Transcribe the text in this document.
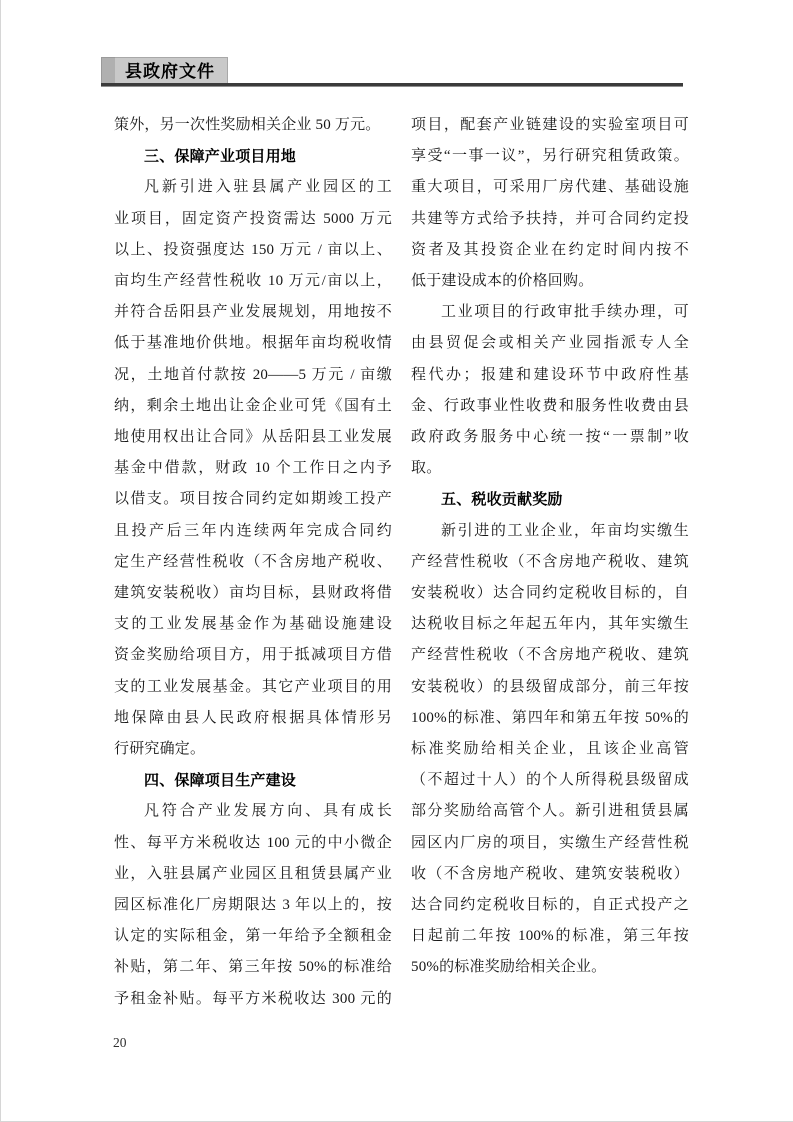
县政府文件
策外，另一次性奖励相关企业 50 万元。
三、保障产业项目用地
凡新引进入驻县属产业园区的工
业项目，固定资产投资需达 5000 万元
以上、投资强度达 150 万元 / 亩以上、
亩均生产经营性税收 10 万元/亩以上，
并符合岳阳县产业发展规划，用地按不
低于基准地价供地。根据年亩均税收情
况，土地首付款按 20——5 万元 / 亩缴
纳，剩余土地出让金企业可凭《国有土
地使用权出让合同》从岳阳县工业发展
基金中借款，财政 10 个工作日之内予
以借支。项目按合同约定如期竣工投产
且投产后三年内连续两年完成合同约
定生产经营性税收（不含房地产税收、
建筑安装税收）亩均目标，县财政将借
支的工业发展基金作为基础设施建设
资金奖励给项目方，用于抵减项目方借
支的工业发展基金。其它产业项目的用
地保障由县人民政府根据具体情形另
行研究确定。
四、保障项目生产建设
凡符合产业发展方向、具有成长
性、每平方米税收达 100 元的中小微企
业，入驻县属产业园区且租赁县属产业
园区标准化厂房期限达 3 年以上的，按
认定的实际租金，第一年给予全额租金
补贴，第二年、第三年按 50%的标准给
予租金补贴。每平方米税收达 300 元的
项目，配套产业链建设的实验室项目可
享受“一事一议”，另行研究租赁政策。
重大项目，可采用厂房代建、基础设施
共建等方式给予扶持，并可合同约定投
资者及其投资企业在约定时间内按不
低于建设成本的价格回购。
工业项目的行政审批手续办理，可
由县贸促会或相关产业园指派专人全
程代办；报建和建设环节中政府性基
金、行政事业性收费和服务性收费由县
政府政务服务中心统一按“一票制”收
取。
五、税收贡献奖励
新引进的工业企业，年亩均实缴生
产经营性税收（不含房地产税收、建筑
安装税收）达合同约定税收目标的，自
达税收目标之年起五年内，其年实缴生
产经营性税收（不含房地产税收、建筑
安装税收）的县级留成部分，前三年按
100%的标准、第四年和第五年按 50%的
标准奖励给相关企业，且该企业高管
（不超过十人）的个人所得税县级留成
部分奖励给高管个人。新引进租赁县属
园区内厂房的项目，实缴生产经营性税
收（不含房地产税收、建筑安装税收）
达合同约定税收目标的，自正式投产之
日起前二年按 100%的标准，第三年按
50%的标准奖励给相关企业。
20
